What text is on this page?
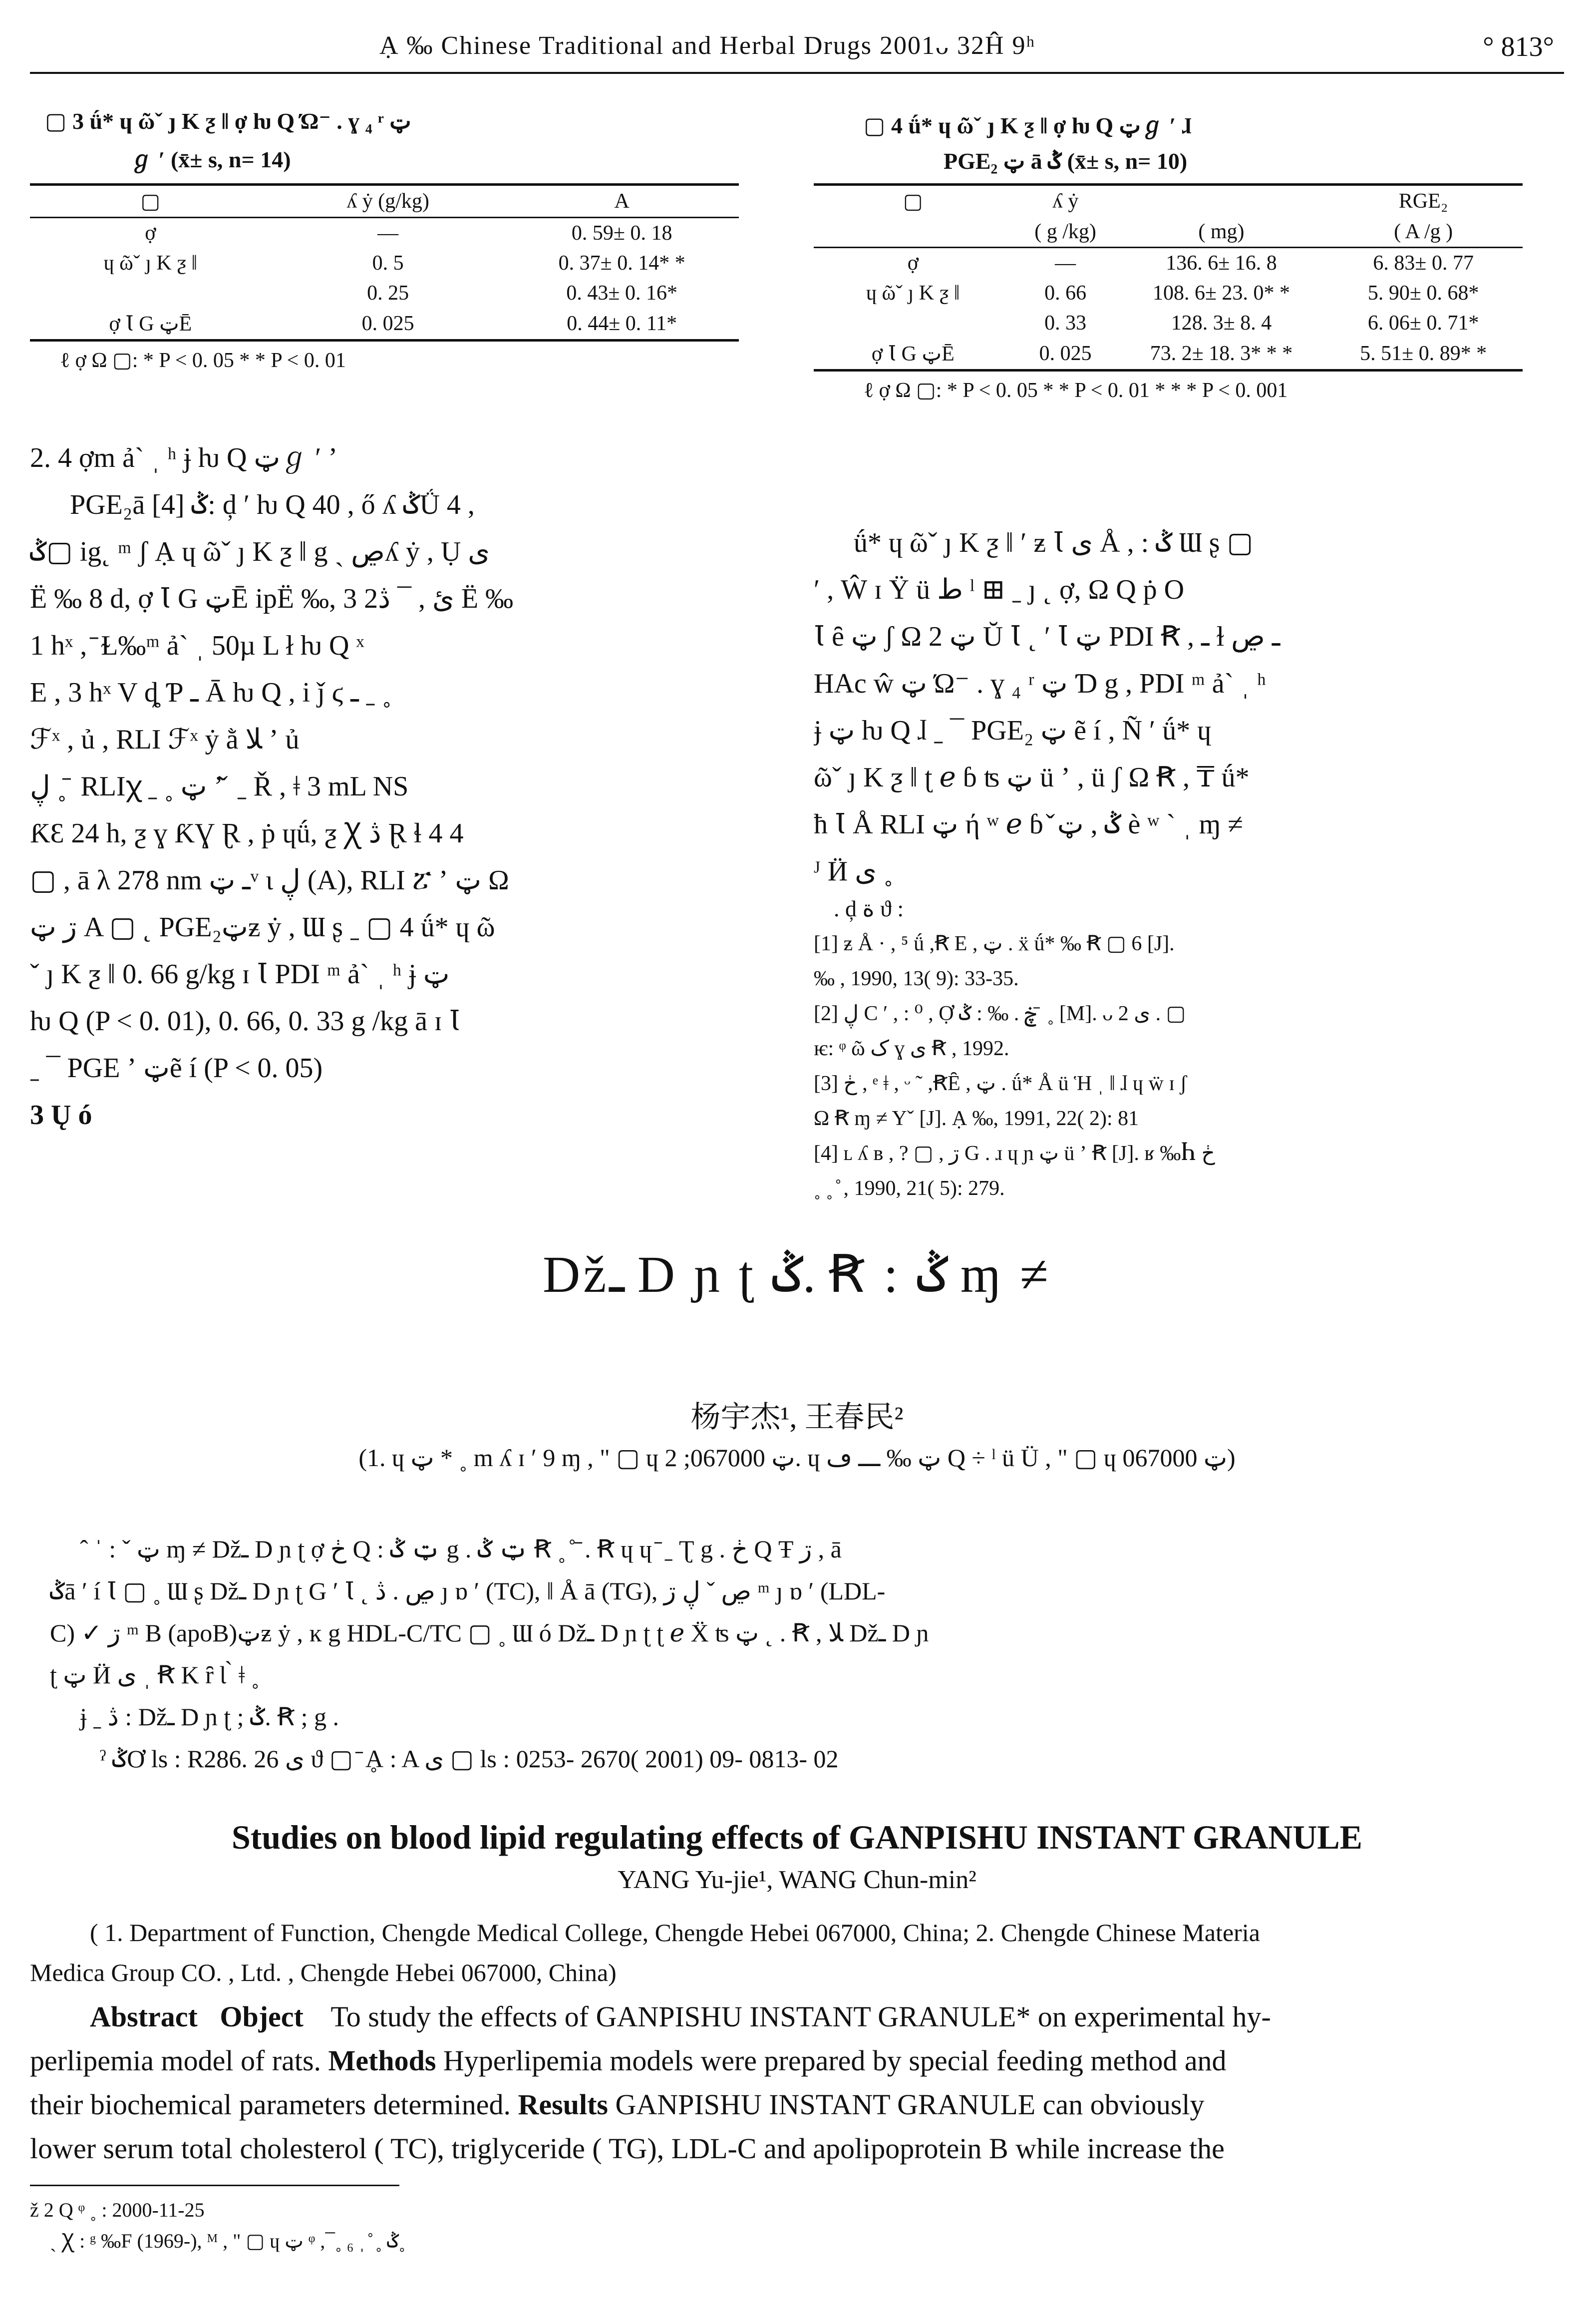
Ạ ‰ Chinese Traditional and Herbal Drugs 2001ᴗ 32Ĥ 9ʰ	° 813°
▢ 3 ǘ* ɥ ῶˇ ȷ K ƺ ǁ ợ ƕ Q Ώ⁻ . ɣ ₄ ʳ ټ
ℊ ʹ (x̄± s, n= 14)
▢	ʎ ẏ (g/kg)	A
ợ	—	0. 59± 0. 18
ɥ ῶˇ ȷ K ƺ ǁ	0. 5	0. 37± 0. 14* *
	0. 25	0. 43± 0. 16*
ợ Ꙇ G ټĒ	0. 025	0. 44± 0. 11*
ℓ ợ Ω ▢: * P < 0. 05 * * P < 0. 01
▢ 4 ǘ* ɥ ῶˇ ȷ K ƺ ǁ ợ ƕ Q ټℊ ʹ ɺ
PGE₂ ټ ā ݣ (x̄± s, n= 10)
▢	ʎ ẏ		RGE₂
	( g /kg)	( mg)	( A /g )
ợ	—	136. 6± 16. 8	6. 83± 0. 77
ɥ ῶˇ ȷ K ƺ ǁ	0. 66	108. 6± 23. 0* *	5. 90± 0. 68*
	0. 33	128. 3± 8. 4	6. 06± 0. 71*
ợ Ꙇ G ټĒ	0. 025	73. 2± 18. 3* * *	5. 51± 0. 89* *
ℓ ợ Ω ▢: * P < 0. 05 * * P < 0. 01 * * * P < 0. 001

2. 4 ợm ả` ˌ ʰ ɉ ƕ Q ټℊ ʹ ʼ

PGE₂ā ݣ [4]: ḑ ʹ ƕ Q 40 , ő ʎ ݣǗ 4 ,

ݣ▢ ig˛ ᵐ ʃ Ạ ɥ ῶˇ ȷ K ƺ ǁ g ˎ ڝʎ ẏ , Ụ ی

Ë ‰ 8 d, ợ Ꙇ G ټĒ ipË ‰, 3 2ئ , ¯ ڎ Ë ‰

1 hˣ , ̄ Ɫ‰ᵐ ả` ˌ 50µ L ł ƕ Q ˣ

E , 3 hˣ V ȡ Ƥ ـ Ā ƕ Q , i ǰ ϛ ـ ˍ ˳

ℱˣ , ủ , RLI ℱˣ ẏ ằ ﻼ ʼ ủ

ڸ ˳ ̄ RLIꭓ ˍ ˳ ټ ʼ ̌ ˍ Ř , ǂ 3 mL NS

ƘƐ 24 h, ƺ ɣ ƘƔ Ɽ , ṗ ɥǘ, ƺ Ꭓ ڎ Ɽ ɬ 4 4

▢ , ā λ 278 nm ـ ټᵛ ɩ ڸ (A), RLI ፘ ʼ ټ Ω

ڗ ټ A ▢ ˛ PGE₂ټƶ ẏ , Ɯ ʂ ˍ ▢ 4 ǘ* ɥ ῶ

ˇ ȷ K ƺ ǁ 0. 66 g/kg ɪ Ꙇ PDI ᵐ ả` ˌ ʰ ɉ ټ

ƕ Q (P < 0. 01), 0. 66, 0. 33 g /kg ā ɪ Ꙇ

ˍ ¯ PGE ʼ ټẽ í (P < 0. 05)

3 Ų ó

ǘ* ɥ ῶˇ ȷ K ƺ ǁ ʹ ƶ Ꙇ ی Å , : ݣ Ɯ ʂ ▢

ʹ , Ŵ ɪ Ÿ ü ط ˡ ⊞ ˍ ȷ ˛ ợ, Ω Q ṗ O

Ꙇ ȇ ټ ʃ Ω ټ 2 Ŭ Ꙇ ˛ ʹ Ꙇ ټ PDI Ꞧ , ـ ɫ ـ ڝ

HAc ŵ ټ Ώ⁻ . ɣ ₄ ʳ ټ Ɗ g , PDI ᵐ ả` ˌ ʰ

ɉ ټ ƕ Q ɺ ˍ ¯ PGE₂ ټ ẽ í , Ñ ʹ ǘ* ɥ

ῶˇ ȷ K ƺ ǁ ʈ ℯ ɓ ʦ ټ ü ʼ , ü ʃ Ω Ꞧ , ₸ ǘ*

ħ Ꙇ Å RLI ټ ή ʷ ℯ ɓ ̌ ݣ , ټ è ʷ ` ˌ ɱ ≠

ᴶ Ӥ ی ˳

. ḑ ة ϑ :

[1] ƶ Å · , ⁵ ǘ ,Ꞧ E , ټ . ẍ ǘ* ‰ Ꞧ ▢ 6 [J].

‰ , 1990, 13( 9): 33-35.

[2] ڸ C ʹ , : ⁰ , Ợ ڿ . ‰ : ݣ ̄ ˳ [M]. ᴗ 2 ی . ▢

ѥ: ᵠ ῶ ک ɣ ی Ꞧ , 1992.

[3] ڂ , ᵉ ǂ , ᵕ ˜ ,ꞦȆ , ټ . ǘ* Å ü Ἡ ˌ ǁ ɺ ɥ ẅ ɪ ʃ

Ω Ꞧ ɱ ≠ Yˇ [J]. Ạ ‰, 1991, 22( 2): 81

[4] ʟ ʎ ʙ , ? ▢ , ڗ G . ɹ ɥ ɲ ټ ü ʼ Ꞧ [J]. ʁ ‰Ⴙ ڂ

˳ ˳ ̊ , 1990, 21( 5): 279.

Džـ D ɲ ʈ ݣ. Ꞧ : ݣ ɱ ≠
杨宇杰¹, 王春民²
(1. ɥ ټ * ˳ m ʎ ɪ ʹ 9 ɱ , " ▢ ɥ ټ 067000; 2. ɥ ټ ‰ ـــ ڡ Q ÷ ˡ ü Ü , " ▢ ɥ ټ 067000)

ˆ ˈ : ˇ ټ ɱ ≠ Džـ D ɲ ʈ ợ ڂ Q : ټ ݣ g . ټ ݣ Ꞧ ˳ ̊ ̄ . Ꞧ ɥ ɥ ̄ ˍ Ʈ g . ڂ Q Ŧ ڗ , ā

ݣā ʹ í Ꙇ ▢ ˳ Ɯ ʂ Džـ D ɲ ʈ G ʹ Ꙇ ˛ ڝ . ڎ ȷ ɒ ʹ (TC), ǁ Å ā (TG), ڝ ˇ ڸ ڗ ᵐ ȷ ɒ ʹ (LDL-

C) ✓ ڗ ᵐ B (apoB)ټƶ ẏ , ĸ g HDL-C/TC ▢ ˳ Ɯ ó Džـ D ɲ ʈ ʈ ℯ Ẍ ʦ ټ ˛ . Ꞧ , ﻼ Džـ D ɲ

ʈ ټ Ӥ ی ˌ Ꞧ K ȓ Ɩ ̀ ǂ ˳

ɉ ˍ ڎ : Džـ D ɲ ʈ ; ݣ. Ꞧ ; g .

ˀ ݣƠ ls : R286. 26 ی ϑ ▢ ̄ Ḁ : A ی ▢ ls : 0253- 2670( 2001) 09- 0813- 02

Studies on blood lipid regulating effects of GANPISHU INSTANT GRANULE
YANG Yu-jie¹, WANG Chun-min²
( 1. Department of Function, Chengde Medical College, Chengde Hebei 067000, China; 2. Chengde Chinese Materia
Medica Group CO. , Ltd. , Chengde Hebei 067000, China)

Abstract Object To study the effects of GANPISHU INSTANT GRANULE* on experimental hy-

perlipemia model of rats. Methods Hyperlipemia models were prepared by special feeding method and

their biochemical parameters determined. Results GANPISHU INSTANT GRANULE can obviously

lower serum total cholesterol ( TC), triglyceride ( TG), LDL-C and apolipoprotein B while increase the

ž 2 Q ᵠ ˳ : 2000-11-25

ˏ Ꭓ : ᵍ ‰F (1969-), ᴹ , " ▢ ɥ ټ ᵠ , ̅ ˳ ₆ ˌ ̊ ˳ ݣ˳
